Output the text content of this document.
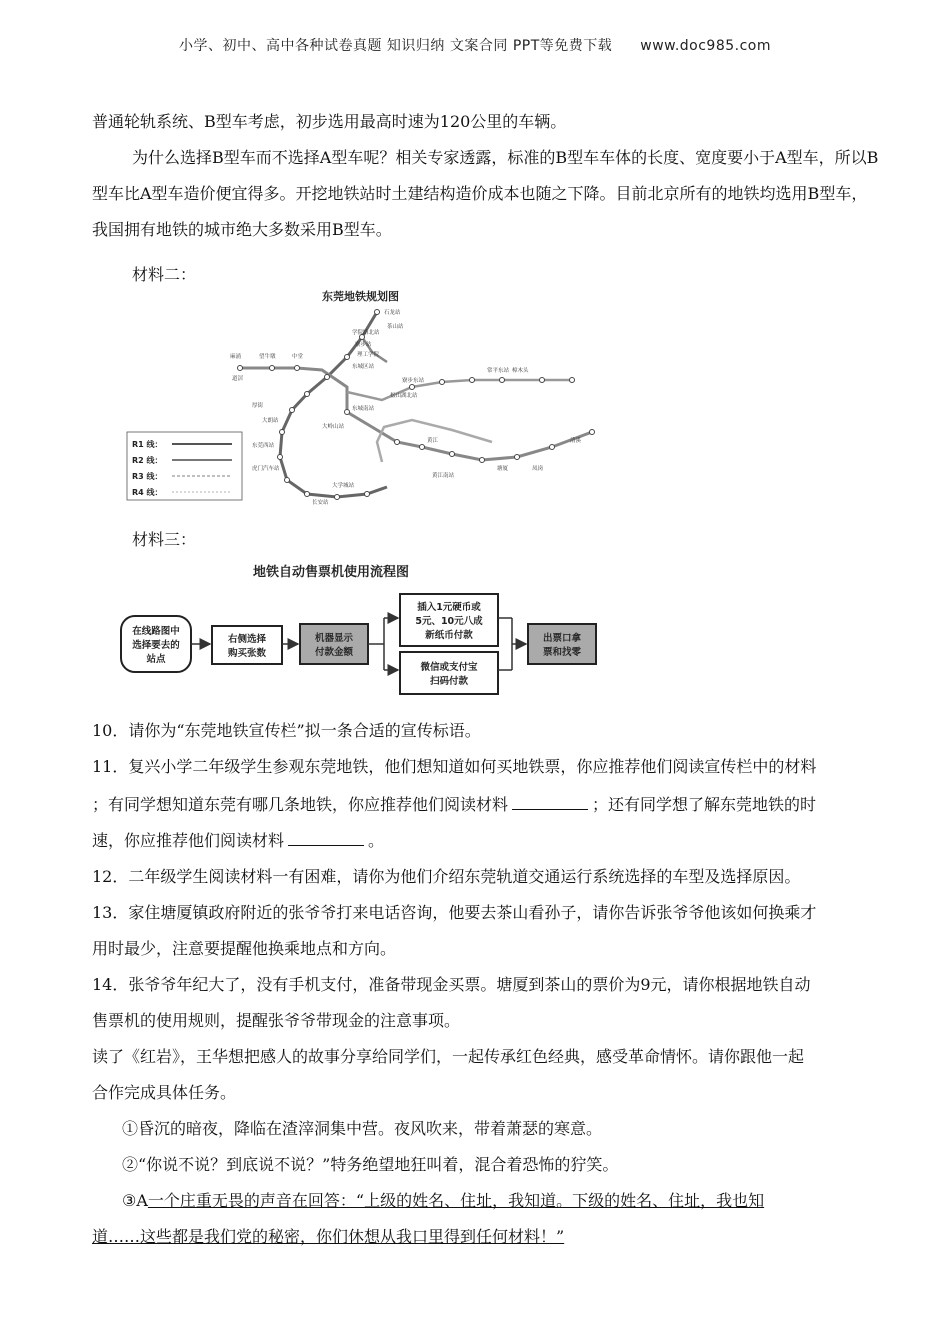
小学、初中、高中各种试卷真题 知识归纳 文案合同 PPT等免费下载 www.doc985.com

普通轮轨系统、B型车考虑，初步选用最高时速为120公里的车辆。

为什么选择B型车而不选择A型车呢？相关专家透露，标准的B型车车体的长度、宽度要小于A型车，所以B型车比A型车造价便宜得多。开挖地铁站时土建结构造价成本也随之下降。目前北京所有的地铁均选用B型车，我国拥有地铁的城市绝大多数采用B型车。

材料二：
东莞地铁规划图
R1 线：
R2 线：
R3 线：
R4 线：
石龙站
茶山站
学院路北站
寮步站
理工学院
东城区站
松山湖北站
寮步东站
东城南站
大岭山站
黄江
黄江南站
虎门汽车站
长安站
麻涌	望牛墩	中堂
道滘
厚街
大朗站
常平东站 樟木头
清溪
凤岗
塘厦
大学城站
东莞西站
材料三：
地铁自动售票机使用流程图
在线路图中
选择要去的
站点
右侧选择
购买张数
机器显示
付款金额
插入1元硬币或
5元、10元八成
新纸币付款
微信或支付宝
扫码付款
出票口拿
票和找零
10．请你为“东莞地铁宣传栏”拟一条合适的宣传标语。
11．复兴小学二年级学生参观东莞地铁，他们想知道如何买地铁票，你应推荐他们阅读宣传栏中的材料
；有同学想知道东莞有哪几条地铁，你应推荐他们阅读材料	；还有同学想了解东莞地铁的时
速，你应推荐他们阅读材料	。
12．二年级学生阅读材料一有困难，请你为他们介绍东莞轨道交通运行系统选择的车型及选择原因。
13．家住塘厦镇政府附近的张爷爷打来电话咨询，他要去茶山看孙子，请你告诉张爷爷他该如何换乘才
用时最少，注意要提醒他换乘地点和方向。
14．张爷爷年纪大了，没有手机支付，准备带现金买票。塘厦到茶山的票价为9元，请你根据地铁自动
售票机的使用规则，提醒张爷爷带现金的注意事项。
读了《红岩》，王华想把感人的故事分享给同学们，一起传承红色经典，感受革命情怀。请你跟他一起
合作完成具体任务。
①昏沉的暗夜，降临在渣滓洞集中营。夜风吹来，带着萧瑟的寒意。
②“你说不说？到底说不说？”特务绝望地狂叫着，混合着恐怖的狞笑。
③A一个庄重无畏的声音在回答：“上级的姓名、住址，我知道。下级的姓名、住址，我也知
道……这些都是我们党的秘密，你们休想从我口里得到任何材料！”
